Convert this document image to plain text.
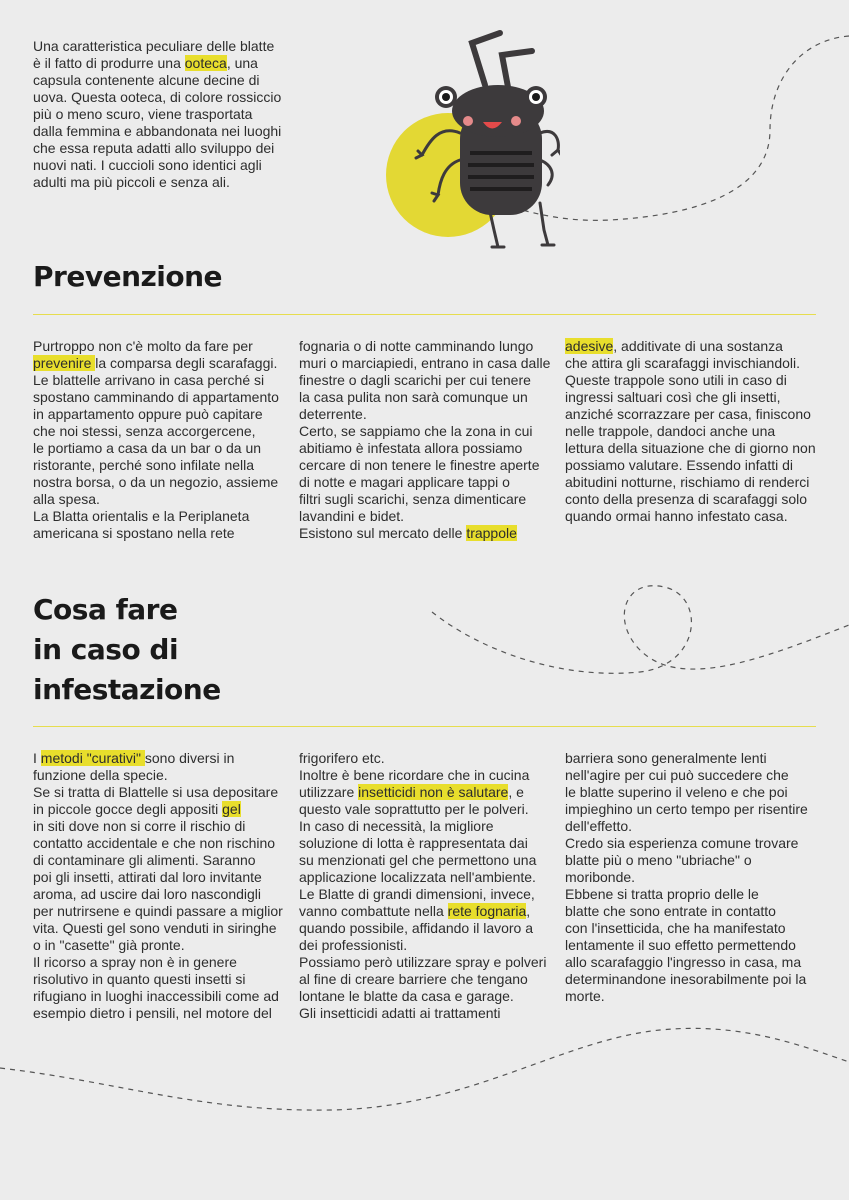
Una caratteristica peculiare delle blatte
è il fatto di produrre una ooteca, una
capsula contenente alcune decine di
uova. Questa ooteca, di colore rossiccio
più o meno scuro, viene trasportata
dalla femmina e abbandonata nei luoghi
che essa reputa adatti allo sviluppo dei
nuovi nati. I cuccioli sono identici agli
adulti ma più piccoli e senza ali.
Prevenzione
Purtroppo non c'è molto da fare per
prevenire la comparsa degli scarafaggi.
Le blattelle arrivano in casa perché si
spostano camminando di appartamento
in appartamento oppure può capitare
che noi stessi, senza accorgercene,
le portiamo a casa da un bar o da un
ristorante, perché sono infilate nella
nostra borsa, o da un negozio, assieme
alla spesa.
La Blatta orientalis e la Periplaneta
americana si spostano nella rete
fognaria o di notte camminando lungo
muri o marciapiedi, entrano in casa dalle
finestre o dagli scarichi per cui tenere
la casa pulita non sarà comunque un
deterrente.
Certo, se sappiamo che la zona in cui
abitiamo è infestata allora possiamo
cercare di non tenere le finestre aperte
di notte e magari applicare tappi o
filtri sugli scarichi, senza dimenticare
lavandini e bidet.
Esistono sul mercato delle trappole
adesive, additivate di una sostanza
che attira gli scarafaggi invischiandoli.
Queste trappole sono utili in caso di
ingressi saltuari così che gli insetti,
anziché scorrazzare per casa, finiscono
nelle trappole, dandoci anche una
lettura della situazione che di giorno non
possiamo valutare. Essendo infatti di
abitudini notturne, rischiamo di renderci
conto della presenza di scarafaggi solo
quando ormai hanno infestato casa.
Cosa fare
in caso di
infestazione
I metodi "curativi" sono diversi in
funzione della specie.
Se si tratta di Blattelle si usa depositare
in piccole gocce degli appositi gel
in siti dove non si corre il rischio di
contatto accidentale e che non rischino
di contaminare gli alimenti. Saranno
poi gli insetti, attirati dal loro invitante
aroma, ad uscire dai loro nascondigli
per nutrirsene e quindi passare a miglior
vita. Questi gel sono venduti in siringhe
o in "casette" già pronte.
Il ricorso a spray non è in genere
risolutivo in quanto questi insetti si
rifugiano in luoghi inaccessibili come ad
esempio dietro i pensili, nel motore del
frigorifero etc.
Inoltre è bene ricordare che in cucina
utilizzare insetticidi non è salutare, e
questo vale soprattutto per le polveri.
In caso di necessità, la migliore
soluzione di lotta è rappresentata dai
su menzionati gel che permettono una
applicazione localizzata nell'ambiente.
Le Blatte di grandi dimensioni, invece,
vanno combattute nella rete fognaria,
quando possibile, affidando il lavoro a
dei professionisti.
Possiamo però utilizzare spray e polveri
al fine di creare barriere che tengano
lontane le blatte da casa e garage.
Gli insetticidi adatti ai trattamenti
barriera sono generalmente lenti
nell'agire per cui può succedere che
le blatte superino il veleno e che poi
impieghino un certo tempo per risentire
dell'effetto.
Credo sia esperienza comune trovare
blatte più o meno "ubriache" o
moribonde.
Ebbene si tratta proprio delle le
blatte che sono entrate in contatto
con l'insetticida, che ha manifestato
lentamente il suo effetto permettendo
allo scarafaggio l'ingresso in casa, ma
determinandone inesorabilmente poi la
morte.
